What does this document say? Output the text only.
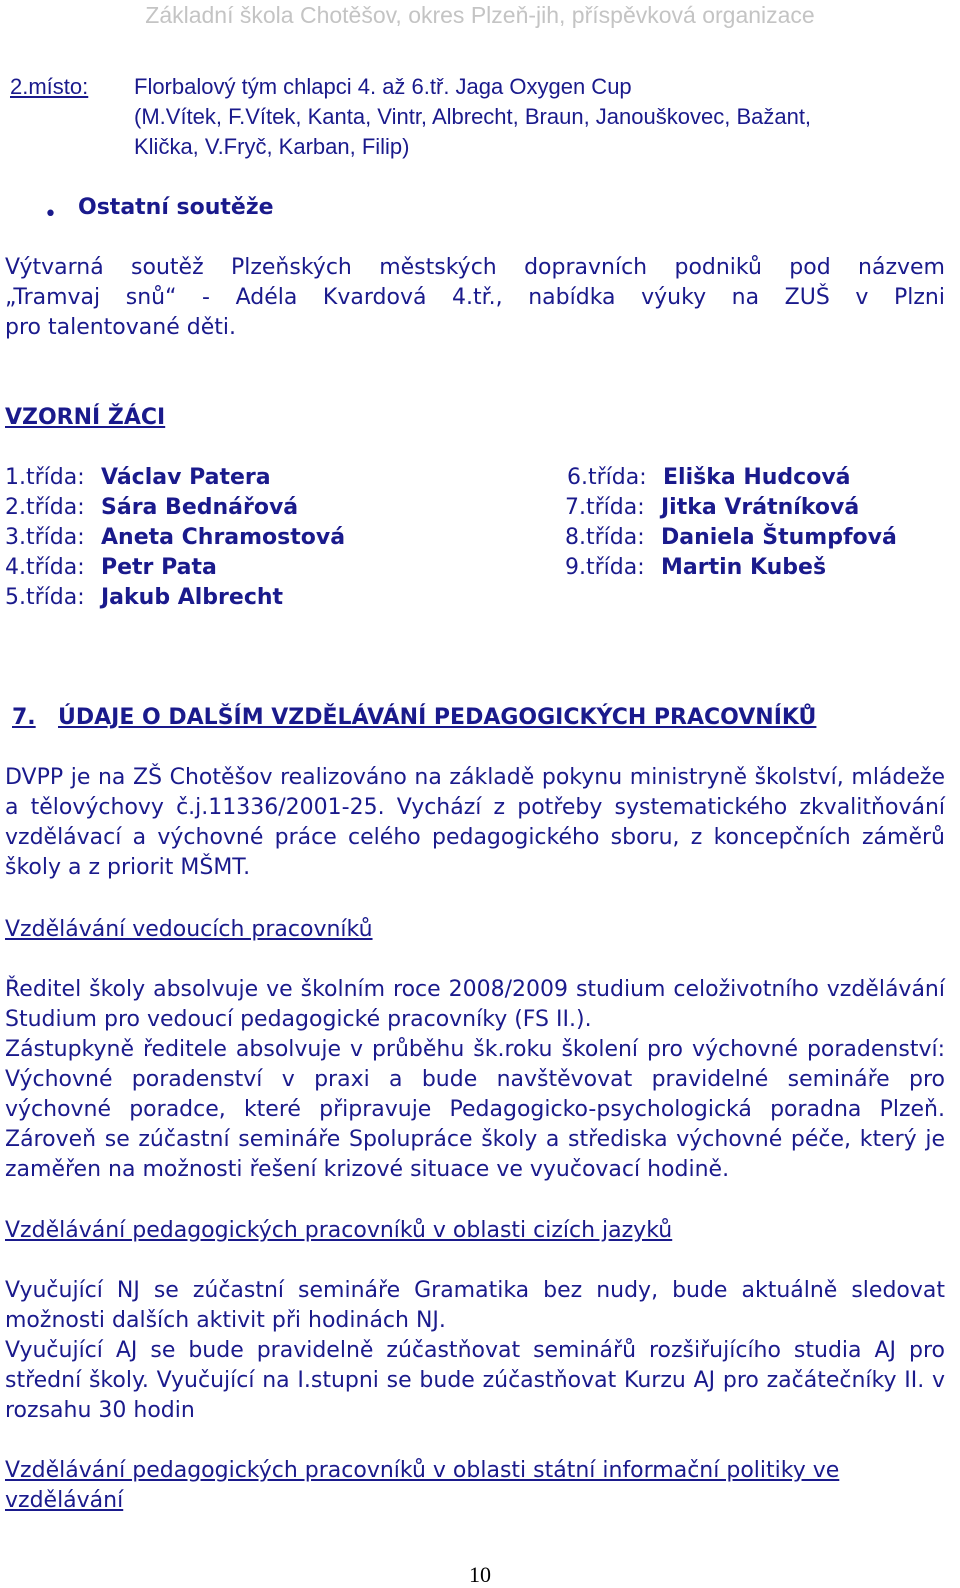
Základní škola Chotěšov, okres Plzeň-jih, příspěvková organizace
2.místo: Florbalový tým chlapci 4. až 6.tř. Jaga Oxygen Cup
(M.Vítek, F.Vítek, Kanta, Vintr, Albrecht, Braun, Janouškovec, Bažant,
Klička, V.Fryč, Karban, Filip)
• Ostatní soutěže
Výtvarná soutěž Plzeňských městských dopravních podniků pod názvem
„Tramvaj snů“ - Adéla Kvardová 4.tř., nabídka výuky na ZUŠ v Plzni
pro talentované děti.
VZORNÍ ŽÁCI
1.třída: Václav Patera
2.třída: Sára Bednářová
3.třída: Aneta Chramostová
4.třída: Petr Pata
5.třída: Jakub Albrecht
6.třída: Eliška Hudcová
7.třída: Jitka Vrátníková
8.třída: Daniela Štumpfová
9.třída: Martin Kubeš
7. ÚDAJE O DALŠÍM VZDĚLÁVÁNÍ PEDAGOGICKÝCH PRACOVNÍKŮ

DVPP je na ZŠ Chotěšov realizováno na základě pokynu ministryně školství, mládeže a tělovýchovy č.j.11336/2001-25. Vychází z potřeby systematického zkvalitňování vzdělávací a výchovné práce celého pedagogického sboru, z koncepčních záměrů školy a z priorit MŠMT.

Vzdělávání vedoucích pracovníků

Ředitel školy absolvuje ve školním roce 2008/2009 studium celoživotního vzdělávání Studium pro vedoucí pedagogické pracovníky (FS II.).

Zástupkyně ředitele absolvuje v průběhu šk.roku školení pro výchovné poradenství: Výchovné poradenství v praxi a bude navštěvovat pravidelné semináře pro výchovné poradce, které připravuje Pedagogicko-psychologická poradna Plzeň. Zároveň se zúčastní semináře Spolupráce školy a střediska výchovné péče, který je zaměřen na možnosti řešení krizové situace ve vyučovací hodině.

Vzdělávání pedagogických pracovníků v oblasti cizích jazyků

Vyučující NJ se zúčastní semináře Gramatika bez nudy, bude aktuálně sledovat možnosti dalších aktivit při hodinách NJ.

Vyučující AJ se bude pravidelně zúčastňovat seminářů rozšiřujícího studia AJ pro střední školy. Vyučující na I.stupni se bude zúčastňovat Kurzu AJ pro začátečníky II. v rozsahu 30 hodin

Vzdělávání pedagogických pracovníků v oblasti státní informační politiky ve vzdělávání
10
